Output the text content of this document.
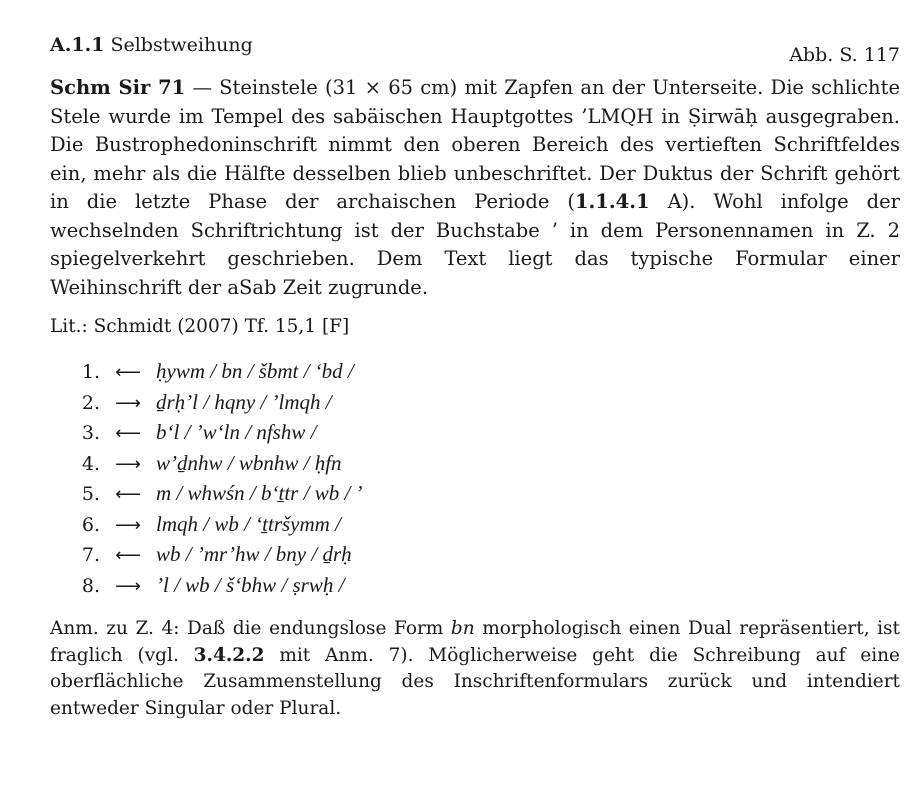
A.1.1 Selbstweihung	Abb. S. 117
Schm Sir 71 — Steinstele (31 × 65 cm) mit Zapfen an der Unterseite. Die schlichte Stele wurde im Tempel des sabäischen Hauptgottes ’LMQH in Ṣirwāḥ ausgegraben. Die Bustrophedoninschrift nimmt den oberen Bereich des vertieften Schriftfeldes ein, mehr als die Hälfte desselben blieb unbeschriftet. Der Duktus der Schrift gehört in die letzte Phase der archaischen Periode (1.1.4.1 A). Wohl infolge der wechselnden Schriftrichtung ist der Buchstabe ’ in dem Personennamen in Z. 2 spiegelverkehrt geschrieben. Dem Text liegt das typische Formular einer Weihinschrift der aSab Zeit zugrunde.
Lit.: Schmidt (2007) Tf. 15,1 [F]
1. ⟵ ḥywm / bn / šbmt / ‘bd /
2. ⟶ ḏrḥ’l / hqny / ’lmqh /
3. ⟵ b‘l / ’w‘ln / nfshw /
4. ⟶ w’ḏnhw / wbnhw / ḥfn
5. ⟵ m / whwśn / b‘ṯtr / wb / ’
6. ⟶ lmqh / wb / ‘ṯtršymm /
7. ⟵ wb / ’mr’hw / bny / ḏrḥ
8. ⟶ ’l / wb / š‘bhw / ṣrwḥ /
Anm. zu Z. 4: Daß die endungslose Form bn morphologisch einen Dual repräsentiert, ist fraglich (vgl. 3.4.2.2 mit Anm. 7). Möglicherweise geht die Schreibung auf eine oberflächliche Zusammenstellung des Inschriftenformulars zurück und intendiert entweder Singular oder Plural.
